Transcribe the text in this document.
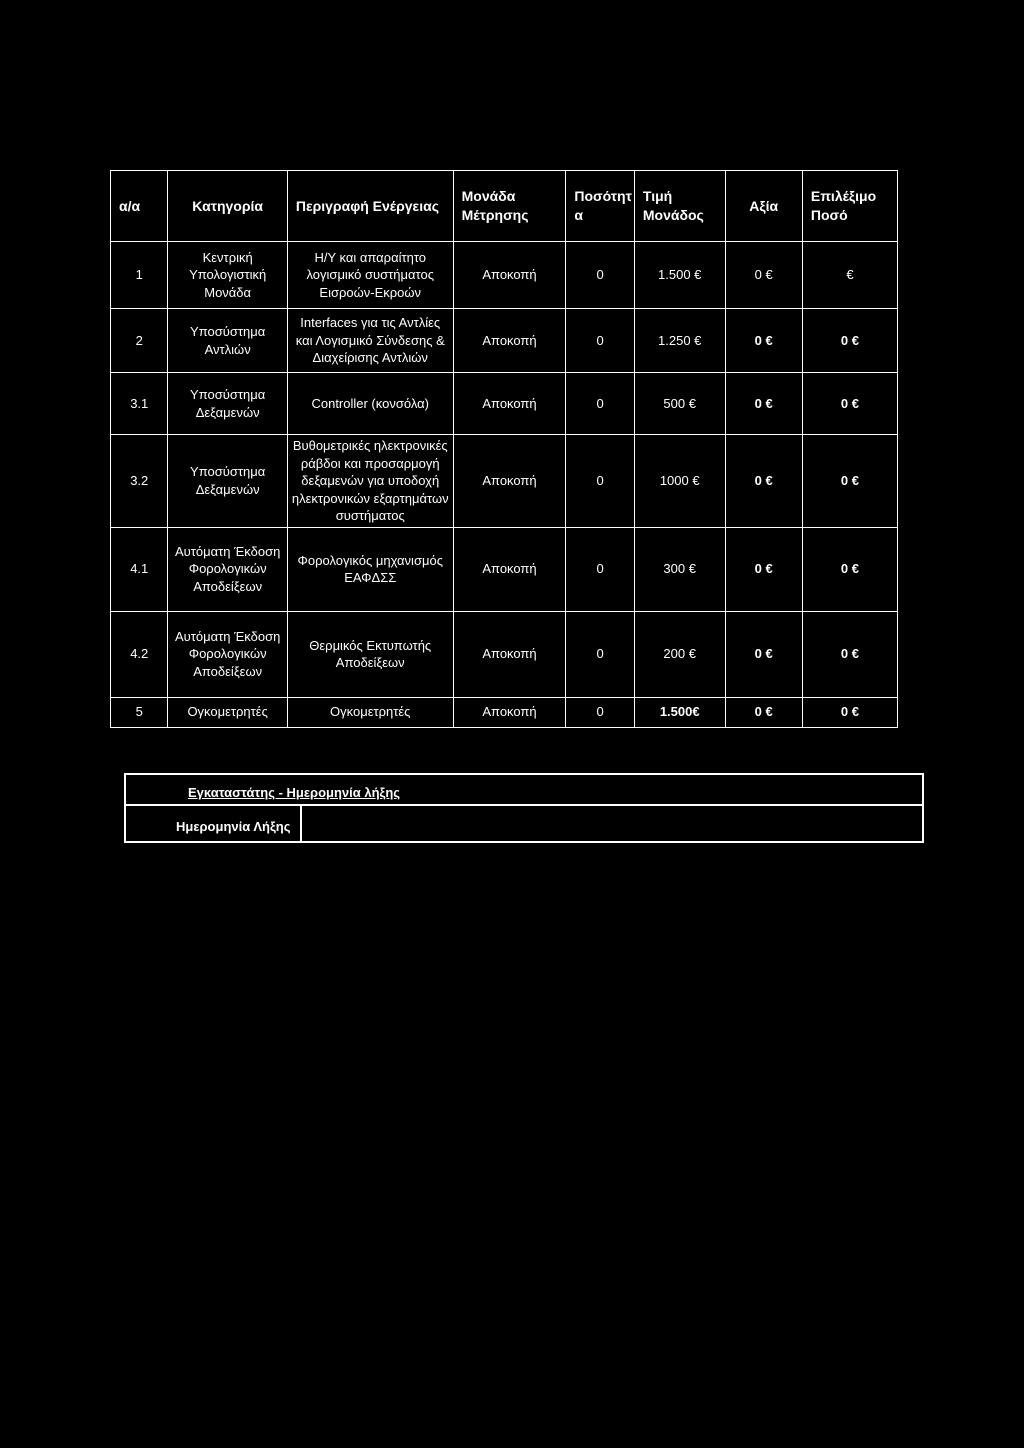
α/α	Κατηγορία	Περιγραφή Ενέργειας	Μονάδα Μέτρησης	Ποσότητ α	Τιμή Μονάδος	Αξία	Επιλέξιμο Ποσό
1	Κεντρική Υπολογιστική Μονάδα	Η/Υ και απαραίτητο λογισμικό συστήματος Εισροών-Εκροών	Αποκοπή	0	1.500 €	0 €	€
2	Υποσύστημα Αντλιών	Interfaces για τις Αντλίες και Λογισμικό Σύνδεσης & Διαχείρισης Αντλιών	Αποκοπή	0	1.250 €	0 €	0 €
3.1	Υποσύστημα Δεξαμενών	Controller (κονσόλα)	Αποκοπή	0	500 €	0 €	0 €
3.2	Υποσύστημα Δεξαμενών	Βυθομετρικές ηλεκτρονικές ράβδοι και προσαρμογή δεξαμενών για υποδοχή ηλεκτρονικών εξαρτημάτων συστήματος	Αποκοπή	0	1000 €	0 €	0 €
4.1	Αυτόματη Έκδοση Φορολογικών Αποδείξεων	Φορολογικός μηχανισμός ΕΑΦΔΣΣ	Αποκοπή	0	300 €	0 €	0 €
4.2	Αυτόματη Έκδοση Φορολογικών Αποδείξεων	Θερμικός Εκτυπωτής Αποδείξεων	Αποκοπή	0	200 €	0 €	0 €
5	Ογκομετρητές	Ογκομετρητές	Αποκοπή	0	1.500€	0 €	0 €
Εγκαταστάτης - Ημερομηνία λήξης
Ημερομηνία Λήξης
